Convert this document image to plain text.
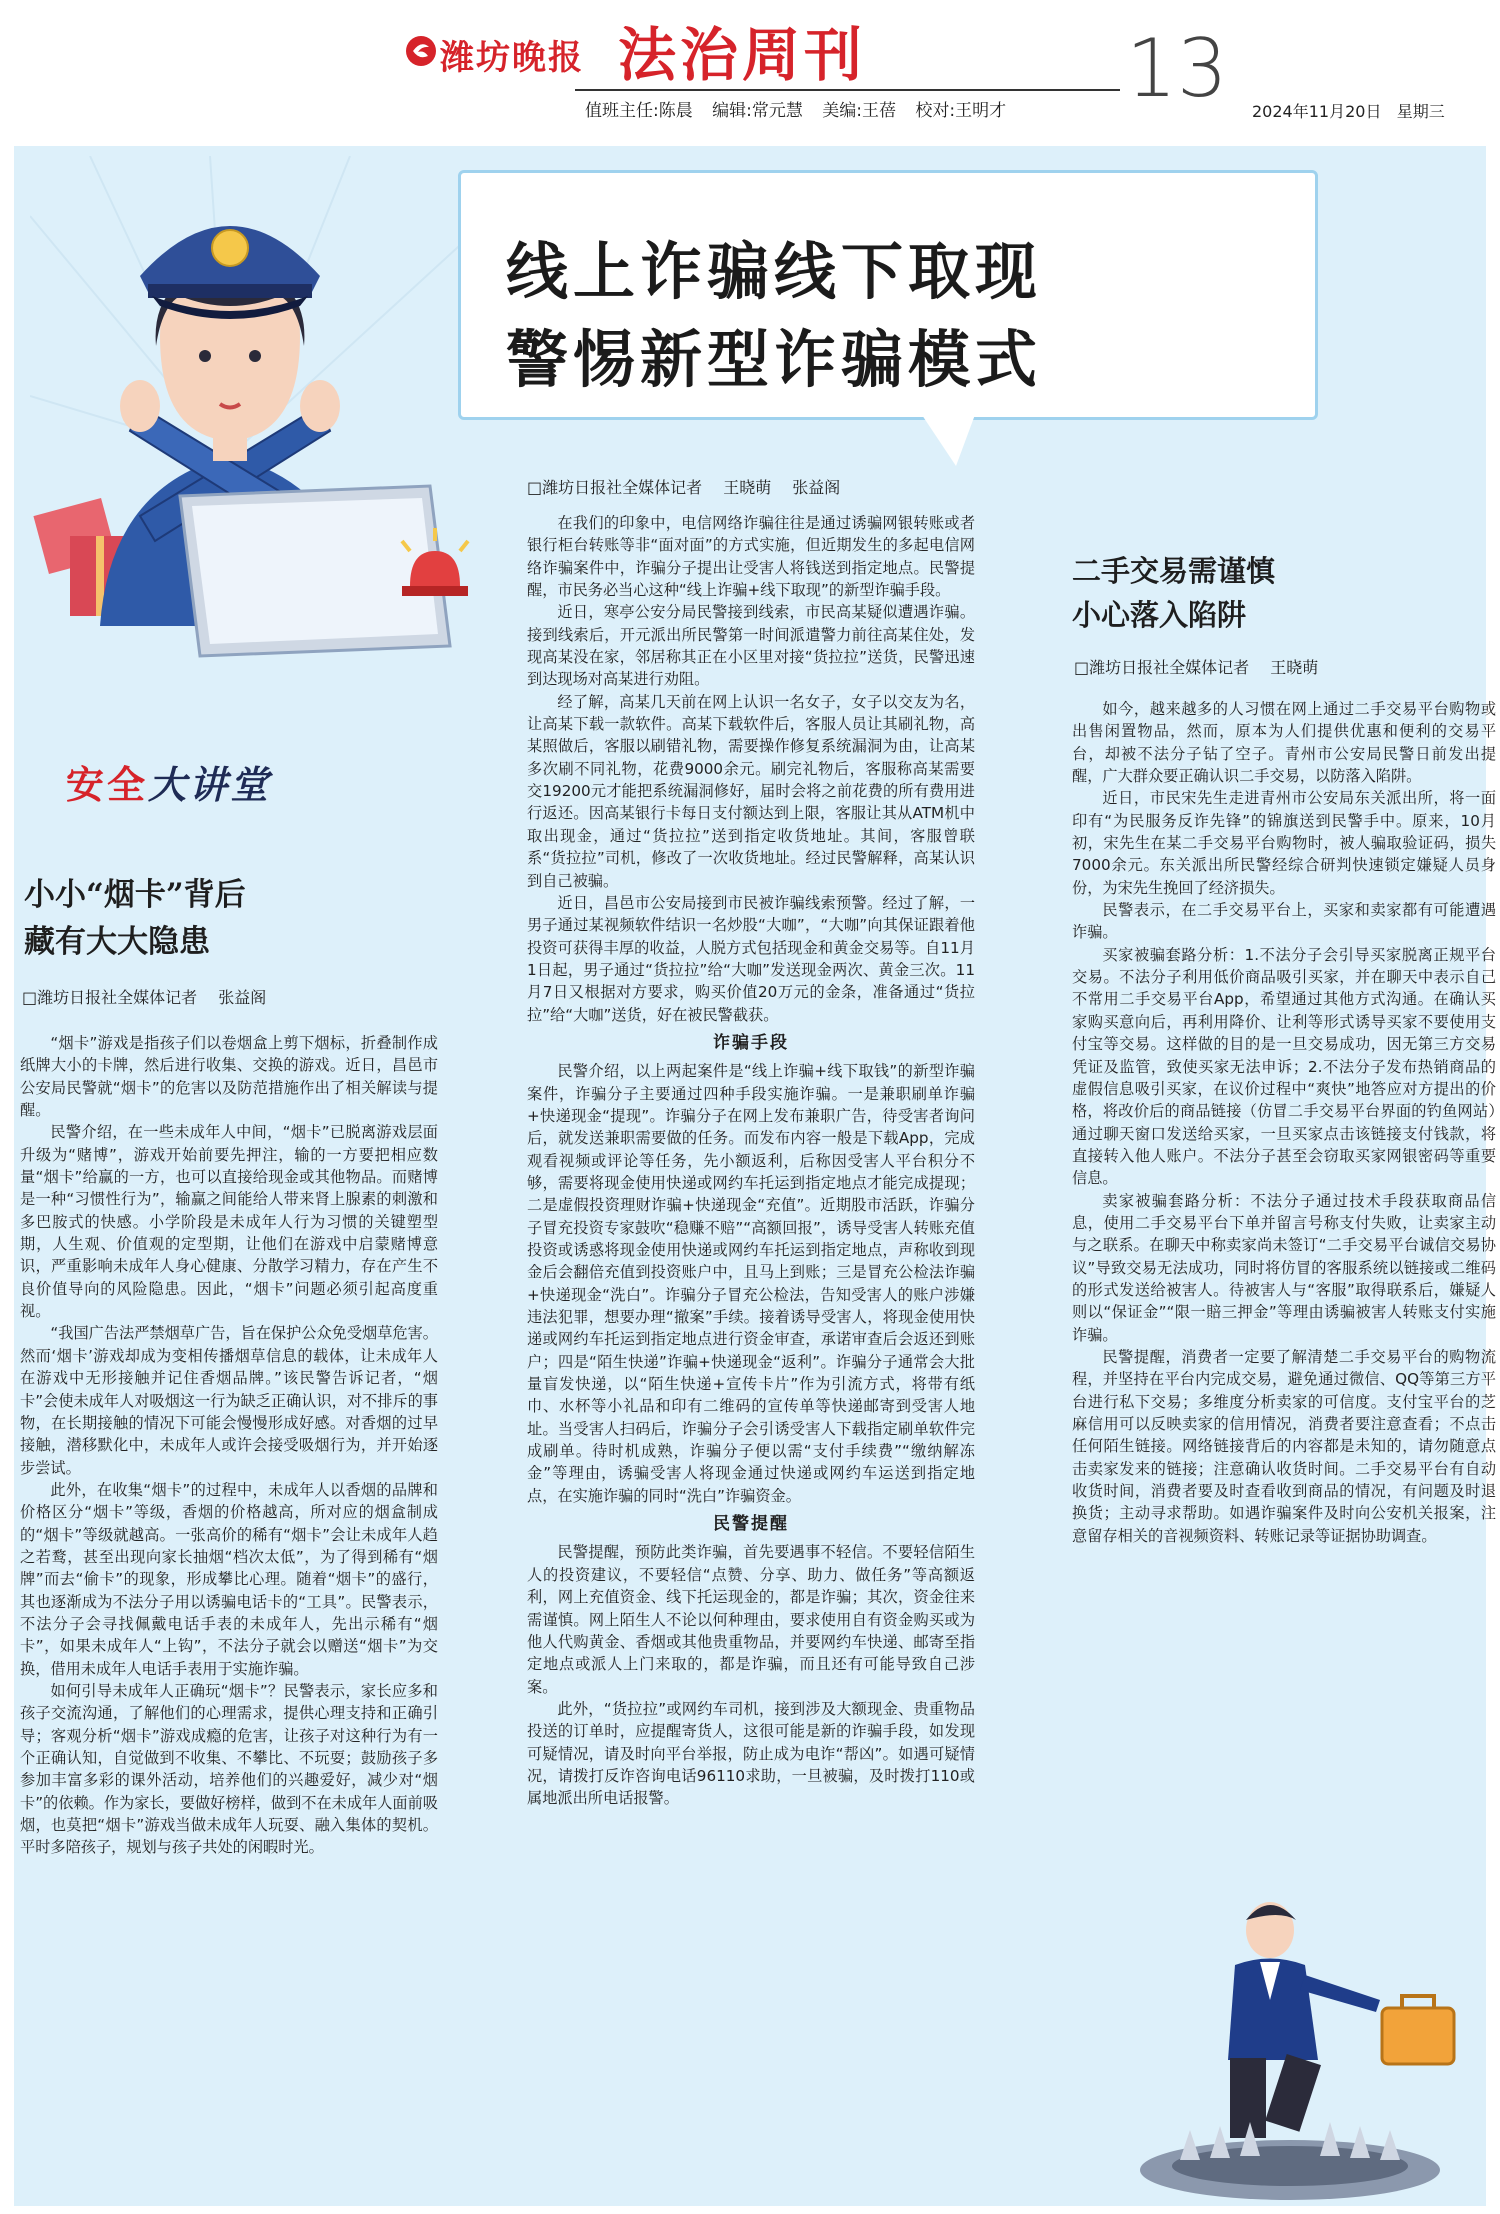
潍坊晚报 法治周刊
值班主任:陈晨 编辑:常元慧 美编:王蓓 校对:王明才 13 2024年11月20日 星期三
线上诈骗线下取现
警惕新型诈骗模式
安全大讲堂
小小“烟卡”背后
藏有大大隐患
□潍坊日报社全媒体记者 　张益阁

“烟卡”游戏是指孩子们以卷烟盒上剪下烟标，折叠制作成纸牌大小的卡牌，然后进行收集、交换的游戏。近日，昌邑市公安局民警就“烟卡”的危害以及防范措施作出了相关解读与提醒。

民警介绍，在一些未成年人中间，“烟卡”已脱离游戏层面升级为“赌博”，游戏开始前要先押注，输的一方要把相应数量“烟卡”给赢的一方，也可以直接给现金或其他物品。而赌博是一种“习惯性行为”，输赢之间能给人带来肾上腺素的刺激和多巴胺式的快感。小学阶段是未成年人行为习惯的关键塑型期，人生观、价值观的定型期，让他们在游戏中启蒙赌博意识，严重影响未成年人身心健康、分散学习精力，存在产生不良价值导向的风险隐患。因此，“烟卡”问题必须引起高度重视。

“我国广告法严禁烟草广告，旨在保护公众免受烟草危害。然而‘烟卡’游戏却成为变相传播烟草信息的载体，让未成年人在游戏中无形接触并记住香烟品牌。”该民警告诉记者，“烟卡”会使未成年人对吸烟这一行为缺乏正确认识，对不排斥的事物，在长期接触的情况下可能会慢慢形成好感。对香烟的过早接触，潜移默化中，未成年人或许会接受吸烟行为，并开始逐步尝试。

此外，在收集“烟卡”的过程中，未成年人以香烟的品牌和价格区分“烟卡”等级，香烟的价格越高，所对应的烟盒制成的“烟卡”等级就越高。一张高价的稀有“烟卡”会让未成年人趋之若鹜，甚至出现向家长抽烟“档次太低”，为了得到稀有“烟牌”而去“偷卡”的现象，形成攀比心理。随着“烟卡”的盛行，其也逐渐成为不法分子用以诱骗电话卡的“工具”。民警表示，不法分子会寻找佩戴电话手表的未成年人，先出示稀有“烟卡”，如果未成年人“上钩”，不法分子就会以赠送“烟卡”为交换，借用未成年人电话手表用于实施诈骗。

如何引导未成年人正确玩“烟卡”？民警表示，家长应多和孩子交流沟通，了解他们的心理需求，提供心理支持和正确引导；客观分析“烟卡”游戏成瘾的危害，让孩子对这种行为有一个正确认知，自觉做到不收集、不攀比、不玩耍；鼓励孩子多参加丰富多彩的课外活动，培养他们的兴趣爱好，减少对“烟卡”的依赖。作为家长，要做好榜样，做到不在未成年人面前吸烟，也莫把“烟卡”游戏当做未成年人玩耍、融入集体的契机。平时多陪孩子，规划与孩子共处的闲暇时光。

□潍坊日报社全媒体记者 　王晓萌 　张益阁

在我们的印象中，电信网络诈骗往往是通过诱骗网银转账或者银行柜台转账等非“面对面”的方式实施，但近期发生的多起电信网络诈骗案件中，诈骗分子提出让受害人将钱送到指定地点。民警提醒，市民务必当心这种“线上诈骗+线下取现”的新型诈骗手段。

近日，寒亭公安分局民警接到线索，市民高某疑似遭遇诈骗。接到线索后，开元派出所民警第一时间派遣警力前往高某住处，发现高某没在家，邻居称其正在小区里对接“货拉拉”送货，民警迅速到达现场对高某进行劝阻。

经了解，高某几天前在网上认识一名女子，女子以交友为名，让高某下载一款软件。高某下载软件后，客服人员让其刷礼物，高某照做后，客服以刷错礼物，需要操作修复系统漏洞为由，让高某多次刷不同礼物，花费9000余元。刷完礼物后，客服称高某需要交19200元才能把系统漏洞修好，届时会将之前花费的所有费用进行返还。因高某银行卡每日支付额达到上限，客服让其从ATM机中取出现金，通过“货拉拉”送到指定收货地址。其间，客服曾联系“货拉拉”司机，修改了一次收货地址。经过民警解释，高某认识到自己被骗。

近日，昌邑市公安局接到市民被诈骗线索预警。经过了解，一男子通过某视频软件结识一名炒股“大咖”，“大咖”向其保证跟着他投资可获得丰厚的收益，人脱方式包括现金和黄金交易等。自11月1日起，男子通过“货拉拉”给“大咖”发送现金两次、黄金三次。11月7日又根据对方要求，购买价值20万元的金条，准备通过“货拉拉”给“大咖”送货，好在被民警截获。

诈骗手段

民警介绍，以上两起案件是“线上诈骗+线下取钱”的新型诈骗案件，诈骗分子主要通过四种手段实施诈骗。一是兼职刷单诈骗+快递现金“提现”。诈骗分子在网上发布兼职广告，待受害者询问后，就发送兼职需要做的任务。而发布内容一般是下载App，完成观看视频或评论等任务，先小额返利，后称因受害人平台积分不够，需要将现金使用快递或网约车托运到指定地点才能完成提现；二是虚假投资理财诈骗+快递现金“充值”。近期股市活跃，诈骗分子冒充投资专家鼓吹“稳赚不赔”“高额回报”，诱导受害人转账充值投资或诱惑将现金使用快递或网约车托运到指定地点，声称收到现金后会翻倍充值到投资账户中，且马上到账；三是冒充公检法诈骗+快递现金“洗白”。诈骗分子冒充公检法，告知受害人的账户涉嫌违法犯罪，想要办理“撤案”手续。接着诱导受害人，将现金使用快递或网约车托运到指定地点进行资金审查，承诺审查后会返还到账户；四是“陌生快递”诈骗+快递现金“返利”。诈骗分子通常会大批量盲发快递，以“陌生快递+宣传卡片”作为引流方式，将带有纸巾、水杯等小礼品和印有二维码的宣传单等快递邮寄到受害人地址。当受害人扫码后，诈骗分子会引诱受害人下载指定刷单软件完成刷单。待时机成熟，诈骗分子便以需“支付手续费”“缴纳解冻金”等理由，诱骗受害人将现金通过快递或网约车运送到指定地点，在实施诈骗的同时“洗白”诈骗资金。

民警提醒

民警提醒，预防此类诈骗，首先要遇事不轻信。不要轻信陌生人的投资建议，不要轻信“点赞、分享、助力、做任务”等高额返利，网上充值资金、线下托运现金的，都是诈骗；其次，资金往来需谨慎。网上陌生人不论以何种理由，要求使用自有资金购买或为他人代购黄金、香烟或其他贵重物品，并要网约车快递、邮寄至指定地点或派人上门来取的，都是诈骗，而且还有可能导致自己涉案。

此外，“货拉拉”或网约车司机，接到涉及大额现金、贵重物品投送的订单时，应提醒寄货人，这很可能是新的诈骗手段，如发现可疑情况，请及时向平台举报，防止成为电诈“帮凶”。如遇可疑情况，请拨打反诈咨询电话96110求助，一旦被骗，及时拨打110或属地派出所电话报警。

二手交易需谨慎
小心落入陷阱
□潍坊日报社全媒体记者 　王晓萌

如今，越来越多的人习惯在网上通过二手交易平台购物或出售闲置物品，然而，原本为人们提供优惠和便利的交易平台，却被不法分子钻了空子。青州市公安局民警日前发出提醒，广大群众要正确认识二手交易，以防落入陷阱。

近日，市民宋先生走进青州市公安局东关派出所，将一面印有“为民服务反诈先锋”的锦旗送到民警手中。原来，10月初，宋先生在某二手交易平台购物时，被人骗取验证码，损失7000余元。东关派出所民警经综合研判快速锁定嫌疑人员身份，为宋先生挽回了经济损失。

民警表示，在二手交易平台上，买家和卖家都有可能遭遇诈骗。

买家被骗套路分析：1.不法分子会引导买家脱离正规平台交易。不法分子利用低价商品吸引买家，并在聊天中表示自己不常用二手交易平台App，希望通过其他方式沟通。在确认买家购买意向后，再利用降价、让利等形式诱导买家不要使用支付宝等交易。这样做的目的是一旦交易成功，因无第三方交易凭证及监管，致使买家无法申诉；2.不法分子发布热销商品的虚假信息吸引买家，在议价过程中“爽快”地答应对方提出的价格，将改价后的商品链接（仿冒二手交易平台界面的钓鱼网站）通过聊天窗口发送给买家，一旦买家点击该链接支付钱款，将直接转入他人账户。不法分子甚至会窃取买家网银密码等重要信息。

卖家被骗套路分析：不法分子通过技术手段获取商品信息，使用二手交易平台下单并留言号称支付失败，让卖家主动与之联系。在聊天中称卖家尚未签订“二手交易平台诚信交易协议”导致交易无法成功，同时将仿冒的客服系统以链接或二维码的形式发送给被害人。待被害人与“客服”取得联系后，嫌疑人则以“保证金”“限一賠三押金”等理由诱骗被害人转账支付实施诈骗。

民警提醒，消费者一定要了解清楚二手交易平台的购物流程，并坚持在平台内完成交易，避免通过微信、QQ等第三方平台进行私下交易；多维度分析卖家的可信度。支付宝平台的芝麻信用可以反映卖家的信用情况，消费者要注意查看；不点击任何陌生链接。网络链接背后的内容都是未知的，请勿随意点击卖家发来的链接；注意确认收货时间。二手交易平台有自动收货时间，消费者要及时查看收到商品的情况，有问题及时退换货；主动寻求帮助。如遇诈骗案件及时向公安机关报案，注意留存相关的音视频资料、转账记录等证据协助调查。
